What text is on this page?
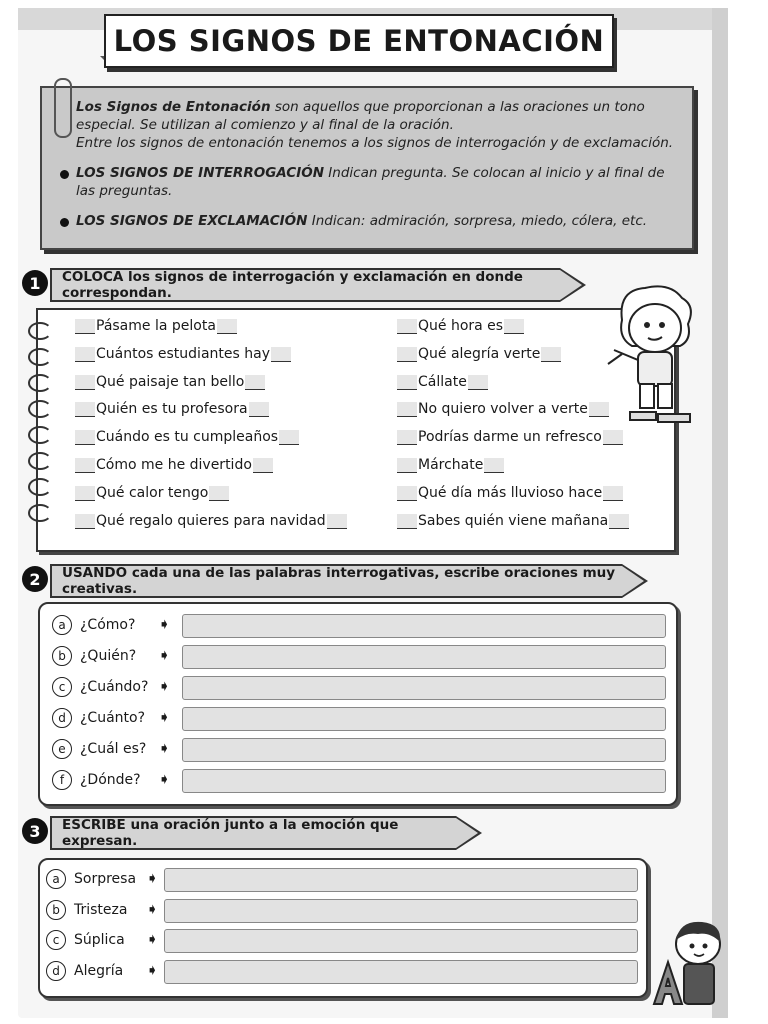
LOS SIGNOS DE ENTONACIÓN

Los Signos de Entonación son aquellos que proporcionan a las oraciones un tono

especial. Se utilizan al comienzo y al final de la oración.

Entre los signos de entonación tenemos a los signos de interrogación y de exclamación.

LOS SIGNOS DE INTERROGACIÓN Indican pregunta. Se colocan al inicio y al final de

las preguntas.

LOS SIGNOS DE EXCLAMACIÓN Indican: admiración, sorpresa, miedo, cólera, etc.

1	COLOCA los signos de interrogación y exclamación en donde correspondan.
Pásame la pelota
Cuántos estudiantes hay
Qué paisaje tan bello
Quién es tu profesora
Cuándo es tu cumpleaños
Cómo me he divertido
Qué calor tengo
Qué regalo quieres para navidad
Qué hora es
Qué alegría verte
Cállate
No quiero volver a verte
Podrías darme un refresco
Márchate
Qué día más lluvioso hace
Sabes quién viene mañana
2	USANDO cada una de las palabras interrogativas, escribe oraciones muy creativas.
a	¿Cómo? ➧
b	¿Quién? ➧
c	¿Cuándo? ➧
d	¿Cuánto? ➧
e	¿Cuál es? ➧
f	¿Dónde? ➧
3	ESCRIBE una oración junto a la emoción que expresan.
a	Sorpresa ➧
b	Tristeza ➧
c	Súplica ➧
d	Alegría ➧
